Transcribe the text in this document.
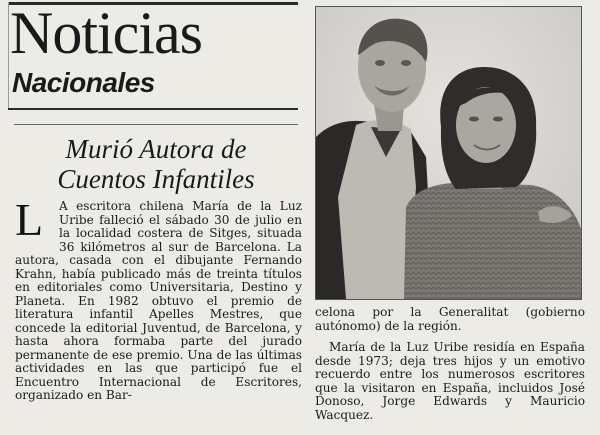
Noticias
Nacionales
Murió Autora de
Cuentos Infantiles
L	A escritora chilena María de la Luz Uribe falleció el sábado 30 de julio en la localidad costera de Sitges, situada 36 kilómetros al sur de Barcelona. La autora, casada con el dibujante Fernando Krahn, había publicado más de treinta títulos en editoriales como Universitaria, Destino y Planeta. En 1982 obtuvo el premio de literatura infantil Apelles Mestres, que concede la editorial Juventud, de Barcelona, y hasta ahora formaba parte del jurado permanente de ese premio. Una de las últimas actividades en las que participó fue el Encuentro Internacional de Escritores, organizado en Bar-

celona por la Generalitat (gobierno autónomo) de la región.

María de la Luz Uribe residía en España desde 1973; deja tres hijos y un emotivo recuerdo entre los numerosos escritores que la visitaron en España, incluidos José Donoso, Jorge Edwards y Mauricio Wacquez.
